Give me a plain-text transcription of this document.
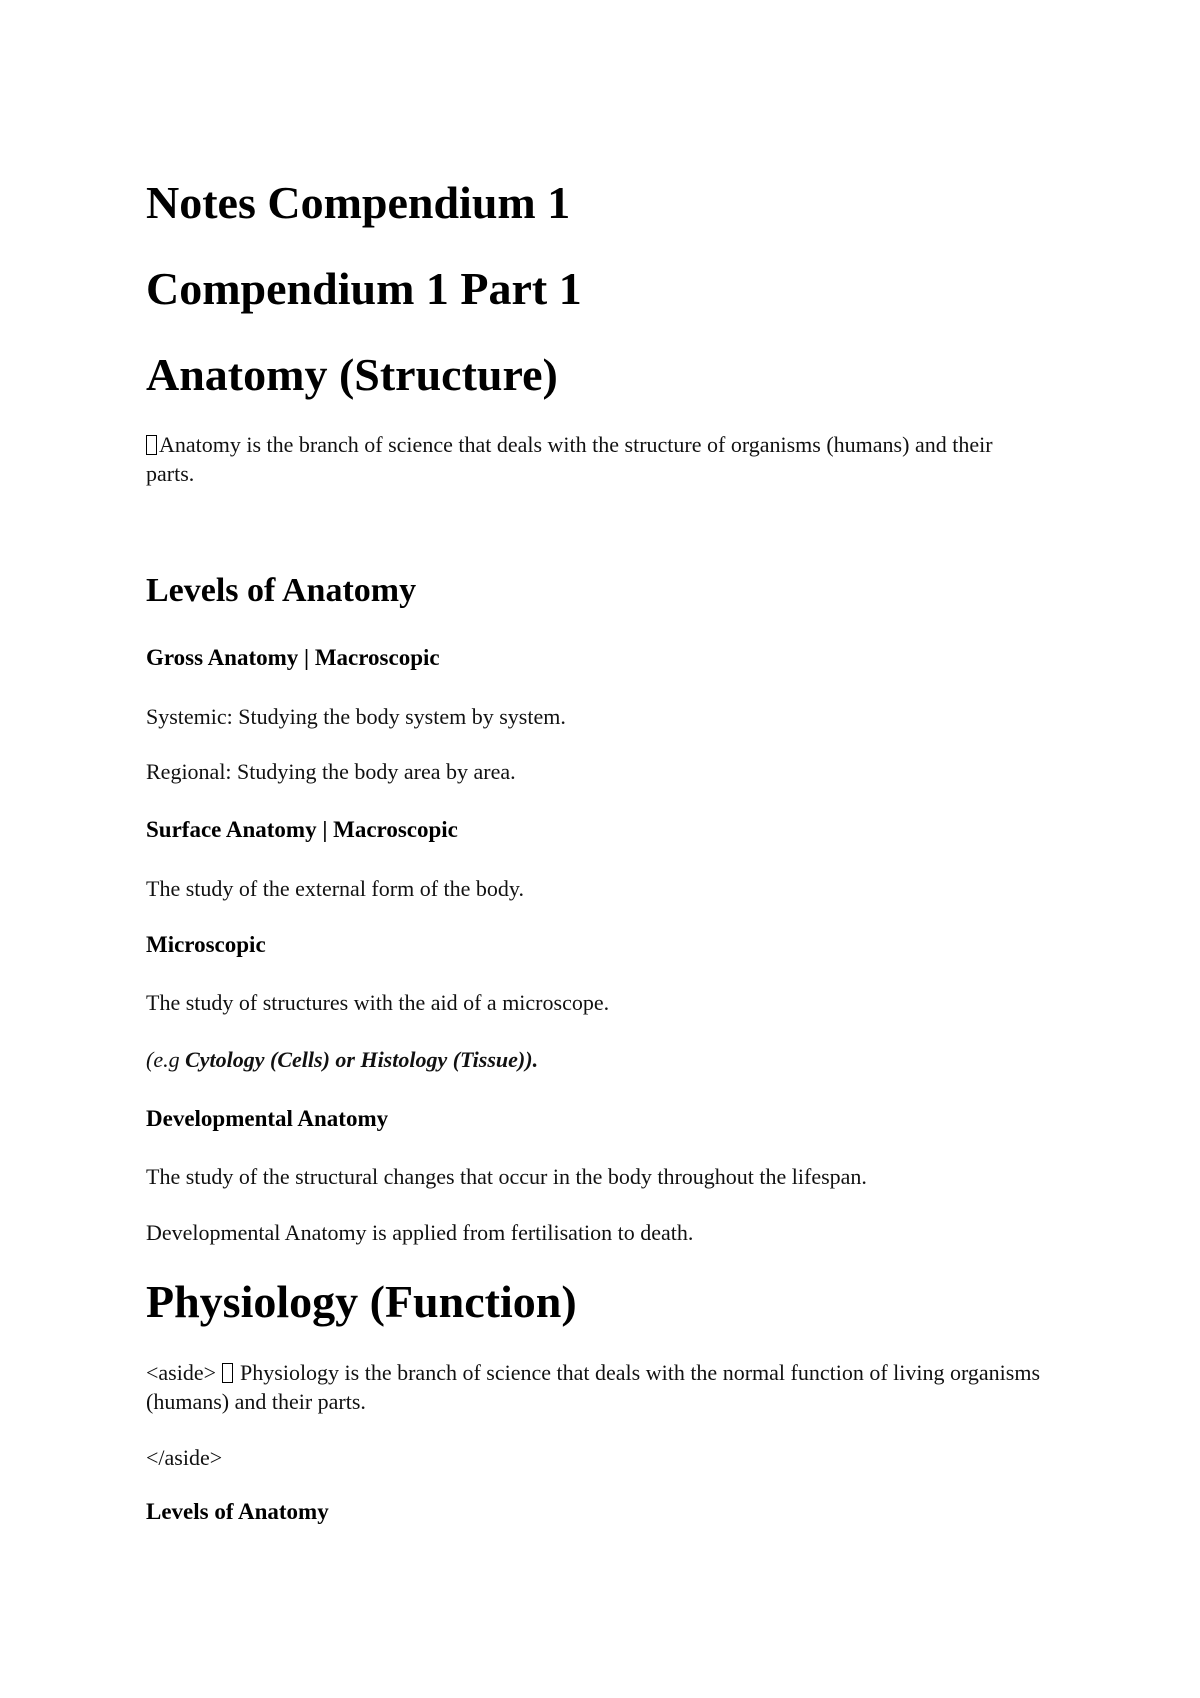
Notes Compendium 1
Compendium 1 Part 1
Anatomy (Structure)

Anatomy is the branch of science that deals with the structure of organisms (humans) and their parts.

Levels of Anatomy
Gross Anatomy | Macroscopic

Systemic: Studying the body system by system.

Regional: Studying the body area by area.

Surface Anatomy | Macroscopic

The study of the external form of the body.

Microscopic

The study of structures with the aid of a microscope.

(e.g Cytology (Cells) or Histology (Tissue)).

Developmental Anatomy

The study of the structural changes that occur in the body throughout the lifespan.

Developmental Anatomy is applied from fertilisation to death.

Physiology (Function)

<aside> Physiology is the branch of science that deals with the normal function of living organisms (humans) and their parts.

</aside>

Levels of Anatomy
